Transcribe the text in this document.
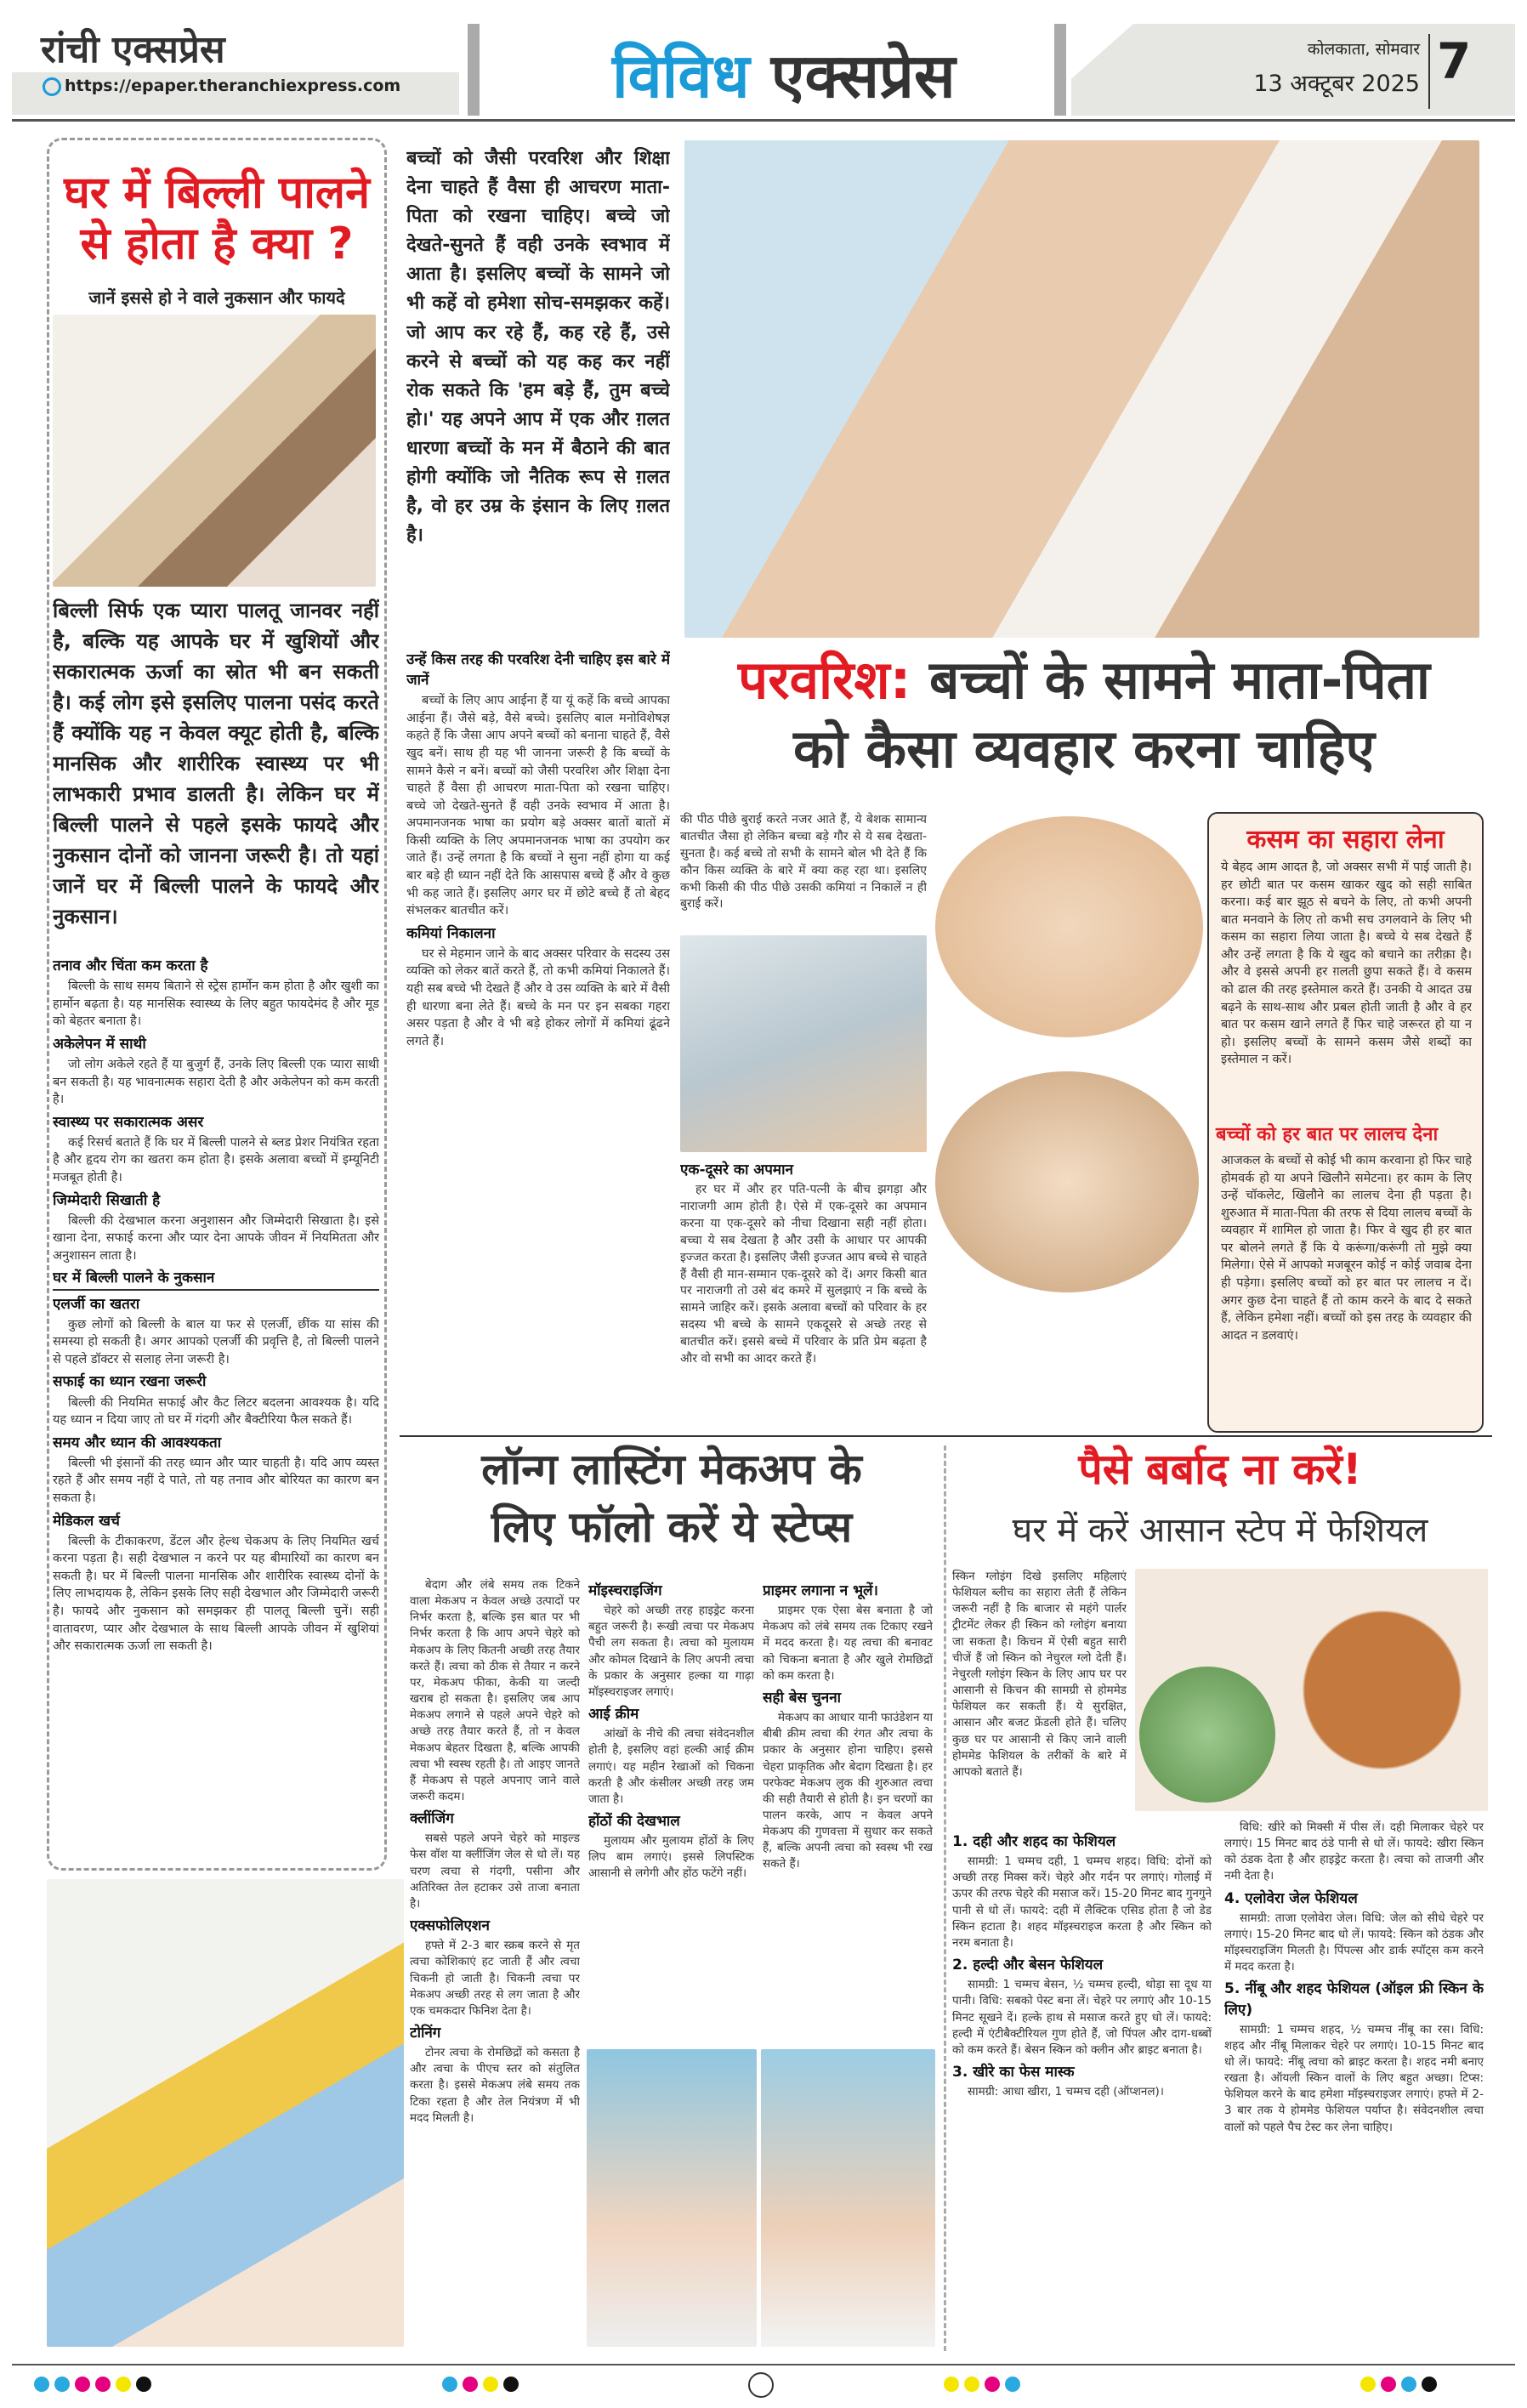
रांची एक्सप्रेस
https://epaper.theranchiexpress.com	विविध एक्सप्रेस	कोलकाता, सोमवार
13 अक्टूबर 2025 7
घर में बिल्ली पालने
से होता है क्या ?
जानें इससे हो ने वाले नुकसान और फायदे
बिल्ली सिर्फ एक प्यारा पालतू जानवर नहीं है, बल्कि यह आपके घर में खुशियों और सकारात्मक ऊर्जा का स्रोत भी बन सकती है। कई लोग इसे इसलिए पालना पसंद करते हैं क्योंकि यह न केवल क्यूट होती है, बल्कि मानसिक और शारीरिक स्वास्थ्य पर भी लाभकारी प्रभाव डालती है। लेकिन घर में बिल्ली पालने से पहले इसके फायदे और नुकसान दोनों को जानना जरूरी है। तो यहां जानें घर में बिल्ली पालने के फायदे और नुकसान।
तनाव और चिंता कम करता है

बिल्ली के साथ समय बिताने से स्ट्रेस हार्मोन कम होता है और खुशी का हार्मोन बढ़ता है। यह मानसिक स्वास्थ्य के लिए बहुत फायदेमंद है और मूड को बेहतर बनाता है।

अकेलेपन में साथी

जो लोग अकेले रहते हैं या बुजुर्ग हैं, उनके लिए बिल्ली एक प्यारा साथी बन सकती है। यह भावनात्मक सहारा देती है और अकेलेपन को कम करती है।

स्वास्थ्य पर सकारात्मक असर

कई रिसर्च बताते हैं कि घर में बिल्ली पालने से ब्लड प्रेशर नियंत्रित रहता है और हृदय रोग का खतरा कम होता है। इसके अलावा बच्चों में इम्यूनिटी मजबूत होती है।

जिम्मेदारी सिखाती है

बिल्ली की देखभाल करना अनुशासन और जिम्मेदारी सिखाता है। इसे खाना देना, सफाई करना और प्यार देना आपके जीवन में नियमितता और अनुशासन लाता है।

घर में बिल्ली पालने के नुकसान
एलर्जी का खतरा

कुछ लोगों को बिल्ली के बाल या फर से एलर्जी, छींक या सांस की समस्या हो सकती है। अगर आपको एलर्जी की प्रवृत्ति है, तो बिल्ली पालने से पहले डॉक्टर से सलाह लेना जरूरी है।

सफाई का ध्यान रखना जरूरी

बिल्ली की नियमित सफाई और कैट लिटर बदलना आवश्यक है। यदि यह ध्यान न दिया जाए तो घर में गंदगी और बैक्टीरिया फैल सकते हैं।

समय और ध्यान की आवश्यकता

बिल्ली भी इंसानों की तरह ध्यान और प्यार चाहती है। यदि आप व्यस्त रहते हैं और समय नहीं दे पाते, तो यह तनाव और बोरियत का कारण बन सकता है।

मेडिकल खर्च

बिल्ली के टीकाकरण, डेंटल और हेल्थ चेकअप के लिए नियमित खर्च करना पड़ता है। सही देखभाल न करने पर यह बीमारियों का कारण बन सकती है। घर में बिल्ली पालना मानसिक और शारीरिक स्वास्थ्य दोनों के लिए लाभदायक है, लेकिन इसके लिए सही देखभाल और जिम्मेदारी जरूरी है। फायदे और नुकसान को समझकर ही पालतू बिल्ली चुनें। सही वातावरण, प्यार और देखभाल के साथ बिल्ली आपके जीवन में खुशियां और सकारात्मक ऊर्जा ला सकती है।

बच्चों को जैसी परवरिश और शिक्षा देना चाहते हैं वैसा ही आचरण माता-पिता को रखना चाहिए। बच्चे जो देखते-सुनते हैं वही उनके स्वभाव में आता है। इसलिए बच्चों के सामने जो भी कहें वो हमेशा सोच-समझकर कहें। जो आप कर रहे हैं, कह रहे हैं, उसे करने से बच्चों को यह कह कर नहीं रोक सकते कि 'हम बड़े हैं, तुम बच्चे हो।' यह अपने आप में एक और ग़लत धारणा बच्चों के मन में बैठाने की बात होगी क्योंकि जो नैतिक रूप से ग़लत है, वो हर उम्र के इंसान के लिए ग़लत है।
उन्हें किस तरह की परवरिश देनी चाहिए इस बारे में जानें

बच्चों के लिए आप आईना हैं या यूं कहें कि बच्चे आपका आईना हैं। जैसे बड़े, वैसे बच्चे। इसलिए बाल मनोविशेषज्ञ कहते हैं कि जैसा आप अपने बच्चों को बनाना चाहते हैं, वैसे खुद बनें। साथ ही यह भी जानना जरूरी है कि बच्चों के सामने कैसे न बनें। बच्चों को जैसी परवरिश और शिक्षा देना चाहते हैं वैसा ही आचरण माता-पिता को रखना चाहिए। बच्चे जो देखते-सुनते हैं वही उनके स्वभाव में आता है। अपमानजनक भाषा का प्रयोग बड़े अक्सर बातों बातों में किसी व्यक्ति के लिए अपमानजनक भाषा का उपयोग कर जाते हैं। उन्हें लगता है कि बच्चों ने सुना नहीं होगा या कई बार बड़े ही ध्यान नहीं देते कि आसपास बच्चे हैं और वे कुछ भी कह जाते हैं। इसलिए अगर घर में छोटे बच्चे हैं तो बेहद संभलकर बातचीत करें।

कमियां निकालना

घर से मेहमान जाने के बाद अक्सर परिवार के सदस्य उस व्यक्ति को लेकर बातें करते हैं, तो कभी कमियां निकालते हैं। यही सब बच्चे भी देखते हैं और वे उस व्यक्ति के बारे में वैसी ही धारणा बना लेते हैं। बच्चे के मन पर इन सबका गहरा असर पड़ता है और वे भी बड़े होकर लोगों में कमियां ढूंढने लगते हैं।

परवरिश: बच्चों के सामने माता-पिता
को कैसा व्यवहार करना चाहिए
की पीठ पीछे बुराई करते नजर आते हैं, ये बेशक सामान्य बातचीत जैसा हो लेकिन बच्चा बड़े गौर से ये सब देखता-सुनता है। कई बच्चे तो सभी के सामने बोल भी देते हैं कि कौन किस व्यक्ति के बारे में क्या कह रहा था। इसलिए कभी किसी की पीठ पीछे उसकी कमियां न निकालें न ही बुराई करें।
एक-दूसरे का अपमान

हर घर में और हर पति-पत्नी के बीच झगड़ा और नाराजगी आम होती है। ऐसे में एक-दूसरे का अपमान करना या एक-दूसरे को नीचा दिखाना सही नहीं होता। बच्चा ये सब देखता है और उसी के आधार पर आपकी इज्जत करता है। इसलिए जैसी इज्जत आप बच्चे से चाहते हैं वैसी ही मान-सम्मान एक-दूसरे को दें। अगर किसी बात पर नाराजगी तो उसे बंद कमरे में सुलझाएं न कि बच्चे के सामने जाहिर करें। इसके अलावा बच्चों को परिवार के हर सदस्य भी बच्चे के सामने एकदूसरे से अच्छे तरह से बातचीत करें। इससे बच्चे में परिवार के प्रति प्रेम बढ़ता है और वो सभी का आदर करते हैं।

कसम का सहारा लेना
ये बेहद आम आदत है, जो अक्सर सभी में पाई जाती है। हर छोटी बात पर कसम खाकर खुद को सही साबित करना। कई बार झूठ से बचने के लिए, तो कभी अपनी बात मनवाने के लिए तो कभी सच उगलवाने के लिए भी कसम का सहारा लिया जाता है। बच्चे ये सब देखते हैं और उन्हें लगता है कि ये खुद को बचाने का तरीक़ा है। और वे इससे अपनी हर ग़लती छुपा सकते हैं। वे कसम को ढाल की तरह इस्तेमाल करते हैं। उनकी ये आदत उम्र बढ़ने के साथ-साथ और प्रबल होती जाती है और वे हर बात पर कसम खाने लगते हैं फिर चाहे जरूरत हो या न हो। इसलिए बच्चों के सामने कसम जैसे शब्दों का इस्तेमाल न करें।
बच्चों को हर बात पर लालच देना
आजकल के बच्चों से कोई भी काम करवाना हो फिर चाहे होमवर्क हो या अपने खिलौने समेटना। हर काम के लिए उन्हें चॉकलेट, खिलौने का लालच देना ही पड़ता है। शुरुआत में माता-पिता की तरफ से दिया लालच बच्चों के व्यवहार में शामिल हो जाता है। फिर वे खुद ही हर बात पर बोलने लगते हैं कि ये करूंगा/करूंगी तो मुझे क्या मिलेगा। ऐसे में आपको मजबूरन कोई न कोई जवाब देना ही पड़ेगा। इसलिए बच्चों को हर बात पर लालच न दें। अगर कुछ देना चाहते हैं तो काम करने के बाद दे सकते हैं, लेकिन हमेशा नहीं। बच्चों को इस तरह के व्यवहार की आदत न डलवाएं।
लॉन्ग लास्टिंग मेकअप के
लिए फॉलो करें ये स्टेप्स

बेदाग और लंबे समय तक टिकने वाला मेकअप न केवल अच्छे उत्पादों पर निर्भर करता है, बल्कि इस बात पर भी निर्भर करता है कि आप अपने चेहरे को मेकअप के लिए कितनी अच्छी तरह तैयार करते हैं। त्वचा को ठीक से तैयार न करने पर, मेकअप फीका, केकी या जल्दी खराब हो सकता है। इसलिए जब आप मेकअप लगाने से पहले अपने चेहरे को अच्छे तरह तैयार करते हैं, तो न केवल मेकअप बेहतर दिखता है, बल्कि आपकी त्वचा भी स्वस्थ रहती है। तो आइए जानते हैं मेकअप से पहले अपनाए जाने वाले जरूरी कदम।

क्लींजिंग

सबसे पहले अपने चेहरे को माइल्ड फेस वॉश या क्लींजिंग जेल से धो लें। यह चरण त्वचा से गंदगी, पसीना और अतिरिक्त तेल हटाकर उसे ताजा बनाता है।

एक्सफोलिएशन

हफ्ते में 2-3 बार स्क्रब करने से मृत त्वचा कोशिकाएं हट जाती हैं और त्वचा चिकनी हो जाती है। चिकनी त्वचा पर मेकअप अच्छी तरह से लग जाता है और एक चमकदार फिनिश देता है।

टोनिंग

टोनर त्वचा के रोमछिद्रों को कसता है और त्वचा के पीएच स्तर को संतुलित करता है। इससे मेकअप लंबे समय तक टिका रहता है और तेल नियंत्रण में भी मदद मिलती है।

मॉइस्चराइजिंग

चेहरे को अच्छी तरह हाइड्रेट करना बहुत जरूरी है। रूखी त्वचा पर मेकअप पैची लग सकता है। त्वचा को मुलायम और कोमल दिखाने के लिए अपनी त्वचा के प्रकार के अनुसार हल्का या गाढ़ा मॉइस्चराइजर लगाएं।

आई क्रीम

आंखों के नीचे की त्वचा संवेदनशील होती है, इसलिए वहां हल्की आई क्रीम लगाएं। यह महीन रेखाओं को चिकना करती है और कंसीलर अच्छी तरह जम जाता है।

होंठों की देखभाल

मुलायम और मुलायम होंठों के लिए लिप बाम लगाएं। इससे लिपस्टिक आसानी से लगेगी और होंठ फटेंगे नहीं।

प्राइमर लगाना न भूलें।

प्राइमर एक ऐसा बेस बनाता है जो मेकअप को लंबे समय तक टिकाए रखने में मदद करता है। यह त्वचा की बनावट को चिकना बनाता है और खुले रोमछिद्रों को कम करता है।

सही बेस चुनना

मेकअप का आधार यानी फाउंडेशन या बीबी क्रीम त्वचा की रंगत और त्वचा के प्रकार के अनुसार होना चाहिए। इससे चेहरा प्राकृतिक और बेदाग दिखता है। हर परफेक्ट मेकअप लुक की शुरुआत त्वचा की सही तैयारी से होती है। इन चरणों का पालन करके, आप न केवल अपने मेकअप की गुणवत्ता में सुधार कर सकते हैं, बल्कि अपनी त्वचा को स्वस्थ भी रख सकते हैं।

पैसे बर्बाद ना करें!
घर में करें आसान स्टेप में फेशियल
स्किन ग्लोइंग दिखे इसलिए महिलाएं फेशियल ब्लीच का सहारा लेती हैं लेकिन जरूरी नहीं है कि बाजार से महंगे पार्लर ट्रीटमेंट लेकर ही स्किन को ग्लोइंग बनाया जा सकता है। किचन में ऐसी बहुत सारी चीजें हैं जो स्किन को नेचुरल ग्लो देती हैं। नेचुरली ग्लोइंग स्किन के लिए आप घर पर आसानी से किचन की सामग्री से होममेड फेशियल कर सकती हैं। ये सुरक्षित, आसान और बजट फ्रेंडली होते हैं। चलिए कुछ घर पर आसानी से किए जाने वाली होममेड फेशियल के तरीकों के बारे में आपको बताते हैं।
1. दही और शहद का फेशियल

सामग्री: 1 चम्मच दही, 1 चम्मच शहद। विधि: दोनों को अच्छी तरह मिक्स करें। चेहरे और गर्दन पर लगाएं। गोलाई में ऊपर की तरफ चेहरे की मसाज करें। 15-20 मिनट बाद गुनगुने पानी से धो लें। फायदे: दही में लैक्टिक एसिड होता है जो डेड स्किन हटाता है। शहद मॉइस्चराइज करता है और स्किन को नरम बनाता है।

2. हल्दी और बेसन फेशियल

सामग्री: 1 चम्मच बेसन, ½ चम्मच हल्दी, थोड़ा सा दूध या पानी। विधि: सबको पेस्ट बना लें। चेहरे पर लगाएं और 10-15 मिनट सूखने दें। हल्के हाथ से मसाज करते हुए धो लें। फायदे: हल्दी में एंटीबैक्टीरियल गुण होते हैं, जो पिंपल और दाग-धब्बों को कम करते हैं। बेसन स्किन को क्लीन और ब्राइट बनाता है।

3. खीरे का फेस मास्क

सामग्री: आधा खीरा, 1 चम्मच दही (ऑप्शनल)।

विधि: खीरे को मिक्सी में पीस लें। दही मिलाकर चेहरे पर लगाएं। 15 मिनट बाद ठंडे पानी से धो लें। फायदे: खीरा स्किन को ठंडक देता है और हाइड्रेट करता है। त्वचा को ताजगी और नमी देता है।

4. एलोवेरा जेल फेशियल

सामग्री: ताजा एलोवेरा जेल। विधि: जेल को सीधे चेहरे पर लगाएं। 15-20 मिनट बाद धो लें। फायदे: स्किन को ठंडक और मॉइस्चराइजिंग मिलती है। पिंपल्स और डार्क स्पॉट्स कम करने में मदद करता है।

5. नींबू और शहद फेशियल (ऑइल फ्री स्किन के लिए)

सामग्री: 1 चम्मच शहद, ½ चम्मच नींबू का रस। विधि: शहद और नींबू मिलाकर चेहरे पर लगाएं। 10-15 मिनट बाद धो लें। फायदे: नींबू त्वचा को ब्राइट करता है। शहद नमी बनाए रखता है। ऑयली स्किन वालों के लिए बहुत अच्छा। टिप्स: फेशियल करने के बाद हमेशा मॉइस्चराइजर लगाएं। हफ्ते में 2-3 बार तक ये होममेड फेशियल पर्याप्त है। संवेदनशील त्वचा वालों को पहले पैच टेस्ट कर लेना चाहिए।
